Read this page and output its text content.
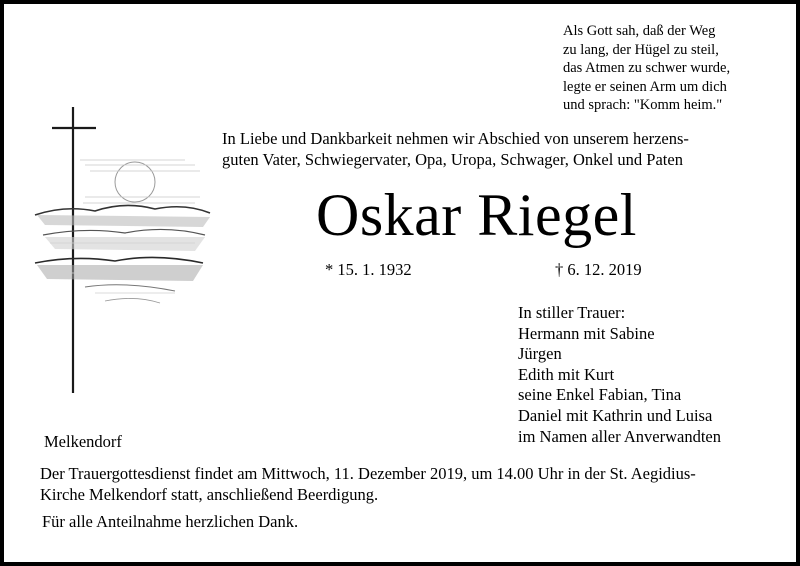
Als Gott sah, daß der Weg
zu lang, der Hügel zu steil,
das Atmen zu schwer wurde,
legte er seinen Arm um dich
und sprach: "Komm heim."
In Liebe und Dankbarkeit nehmen wir Abschied von unserem herzens-
guten Vater, Schwiegervater, Opa, Uropa, Schwager, Onkel und Paten
Oskar Riegel
* 15. 1. 1932	† 6. 12. 2019
In stiller Trauer:
Hermann mit Sabine
Jürgen
Edith mit Kurt
seine Enkel Fabian, Tina
Daniel mit Kathrin und Luisa
im Namen aller Anverwandten
Melkendorf
Der Trauergottesdienst findet am Mittwoch, 11. Dezember 2019, um 14.00 Uhr in der St. Aegidius-
Kirche Melkendorf statt, anschließend Beerdigung.
Für alle Anteilnahme herzlichen Dank.
